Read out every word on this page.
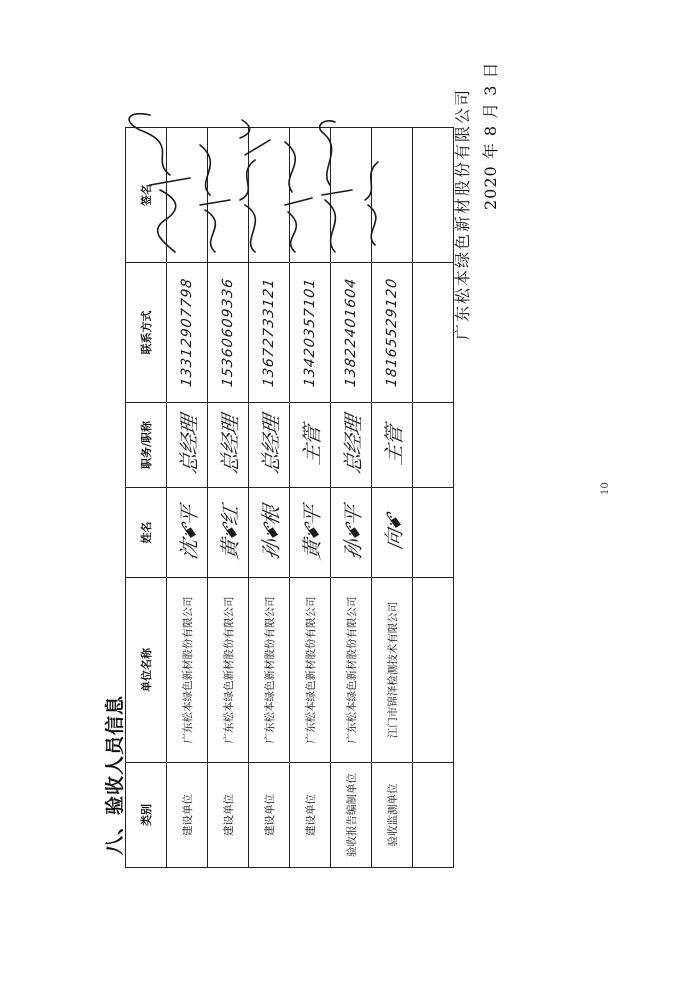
八、验收人员信息 类别	单位名称	姓名	职务/职称	联系方式	签名
建设单位	广东松本绿色新材股份有限公司	沈ꗄ平	总经理	13312907798	
建设单位	广东松本绿色新材股份有限公司	黄ꗄ红	总经理	15360609336	
建设单位	广东松本绿色新材股份有限公司	孙ꗄ根	总经理	13672733121	
建设单位	广东松本绿色新材股份有限公司	黄ꗄ平	主管	13420357101	
验收报告编制单位	广东松本绿色新材股份有限公司	孙ꗄ平	总经理	13822401604	
验收监测单位	江门市锦泽检测技术有限公司	向ꗄ	主管	18165529120	
						广东松本绿色新材股份有限公司 2020 年 8 月 3 日
10
